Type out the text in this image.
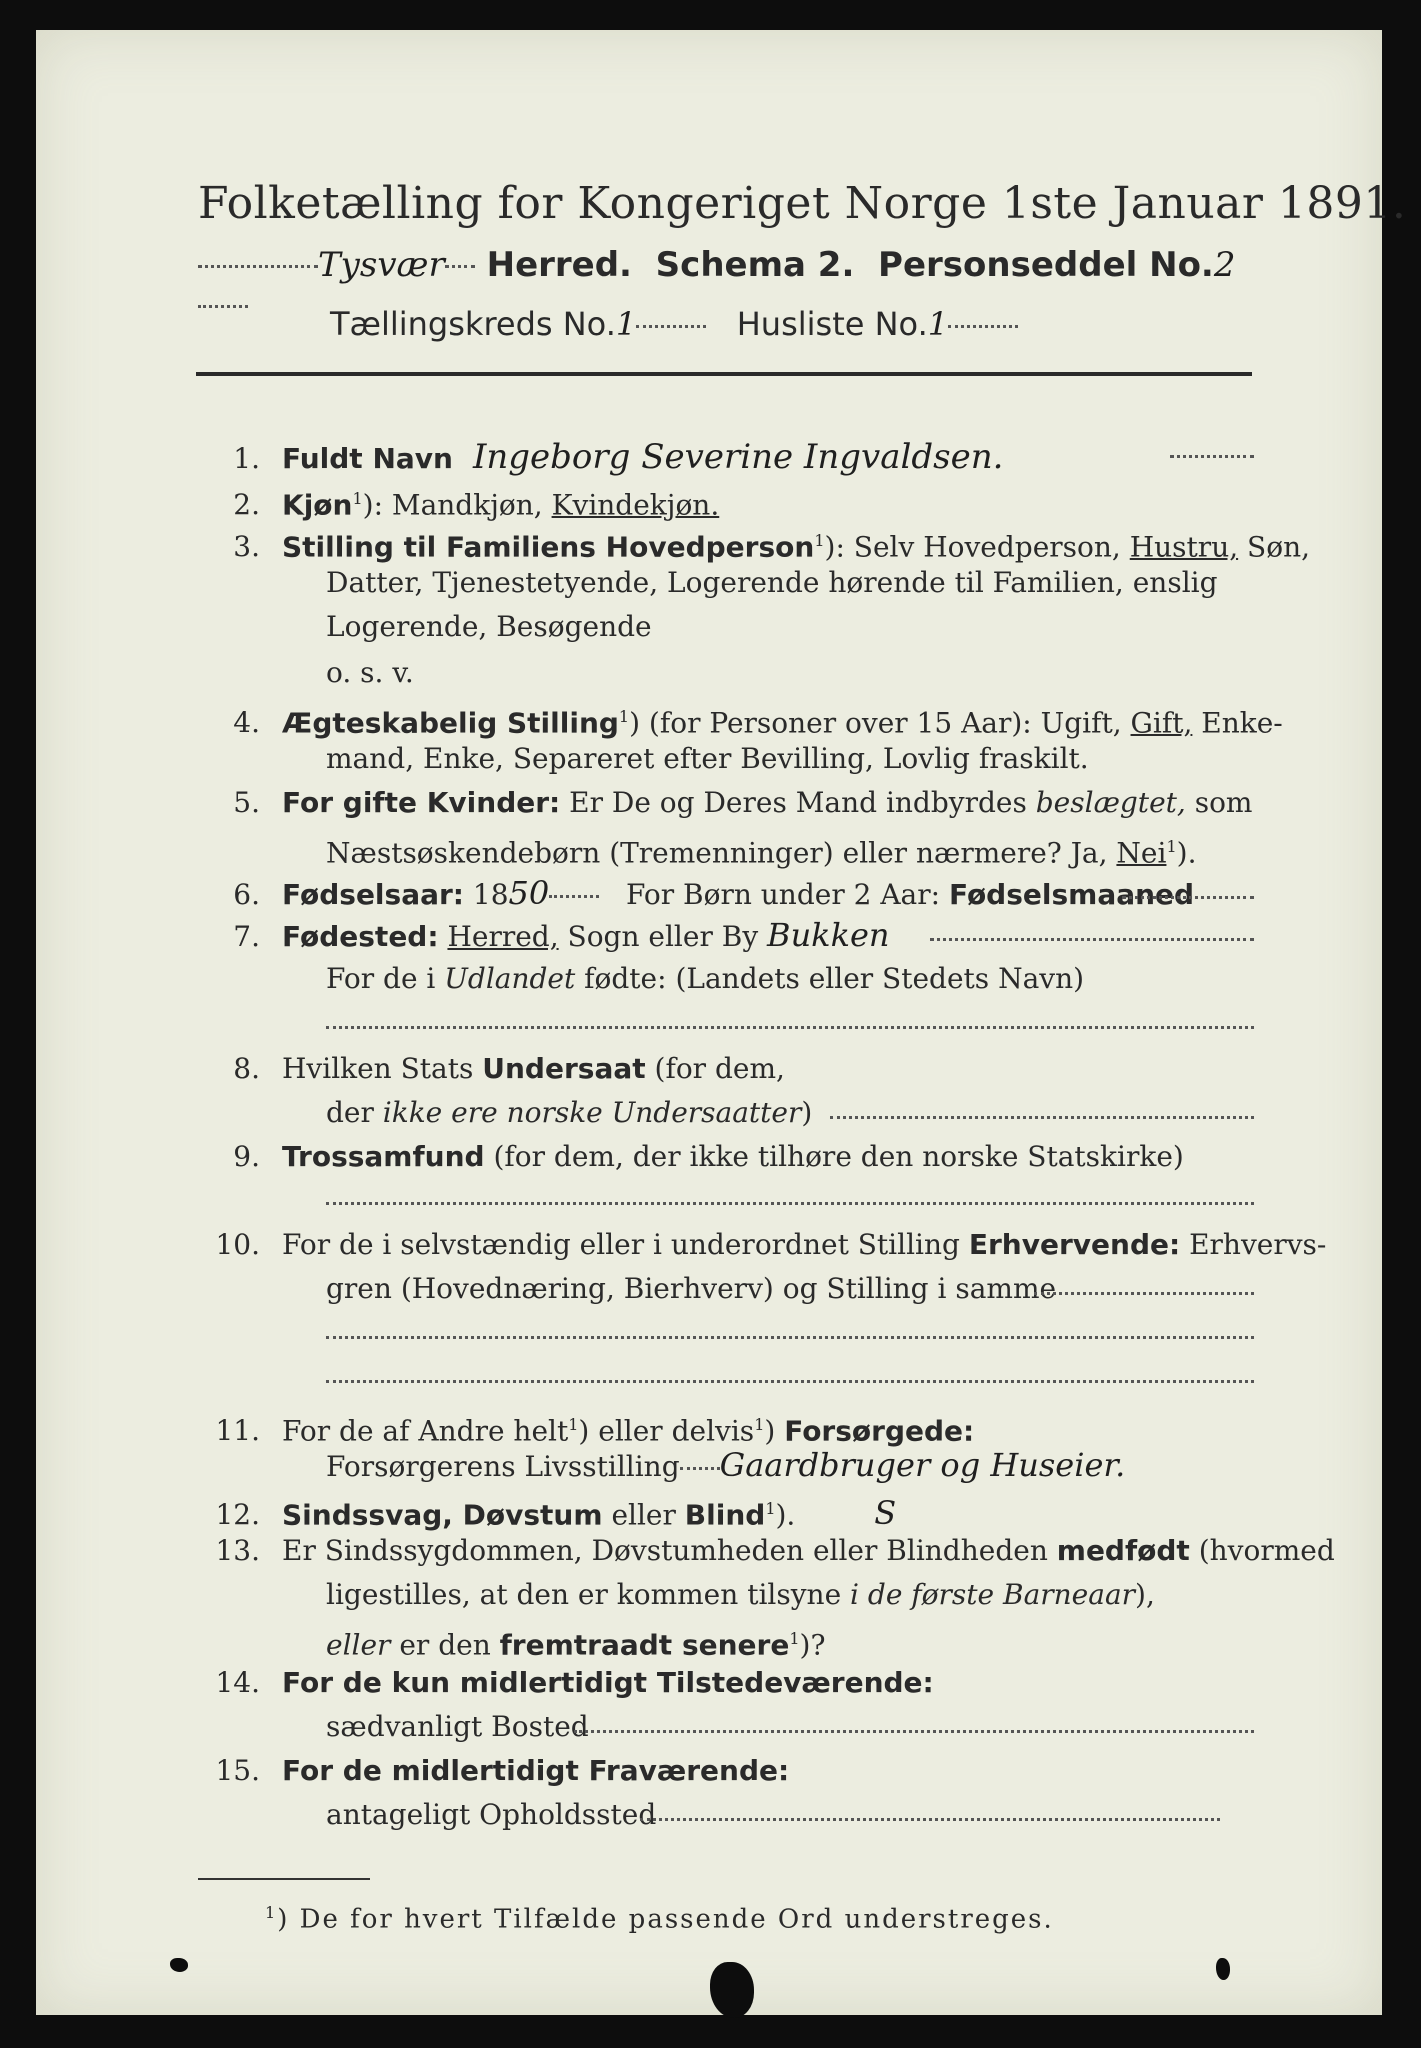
Folketælling for Kongeriget Norge 1ste Januar 1891.
Tysvær Herred. Schema 2. Personseddel No.2
Tællingskreds No.1	Husliste No.1
1. Fuldt Navn Ingeborg Severine Ingvaldsen.
2. Kjøn$^1$): Mandkjøn, Kvindekjøn.
3. Stilling til Familiens Hovedperson$^1$): Selv Hovedperson, Hustru, Søn,
Datter, Tjenestetyende, Logerende hørende til Familien, enslig
Logerende, Besøgende
o. s. v.
4. Ægteskabelig Stilling$^1$) (for Personer over 15 Aar): Ugift, Gift, Enke-
mand, Enke, Separeret efter Bevilling, Lovlig fraskilt.
5. For gifte Kvinder: Er De og Deres Mand indbyrdes beslægtet, som
Næstsøskendebørn (Tremenninger) eller nærmere? Ja, Nei$^1$).
6. Fødselsaar: 1850	For Børn under 2 Aar: Fødselsmaaned
7. Fødested: Herred, Sogn eller By Bukken
For de i Udlandet fødte: (Landets eller Stedets Navn)
8. Hvilken Stats Undersaat (for dem,
der ikke ere norske Undersaatter)
9. Trossamfund (for dem, der ikke tilhøre den norske Statskirke)
10. For de i selvstændig eller i underordnet Stilling Erhvervende: Erhvervs-
gren (Hovednæring, Bierhverv) og Stilling i samme
11. For de af Andre helt$^1$) eller delvis$^1$) Forsørgede:
Forsørgerens Livsstilling Gaardbruger og Huseier.
12. Sindssvag, Døvstum eller Blind$^1$). S
13. Er Sindssygdommen, Døvstumheden eller Blindheden medfødt (hvormed
ligestilles, at den er kommen tilsyne i de første Barneaar),
eller er den fremtraadt senere$^1$)?
14. For de kun midlertidigt Tilstedeværende:
sædvanligt Bosted
15. For de midlertidigt Fraværende:
antageligt Opholdssted
$^1$) De for hvert Tilfælde passende Ord understreges.
